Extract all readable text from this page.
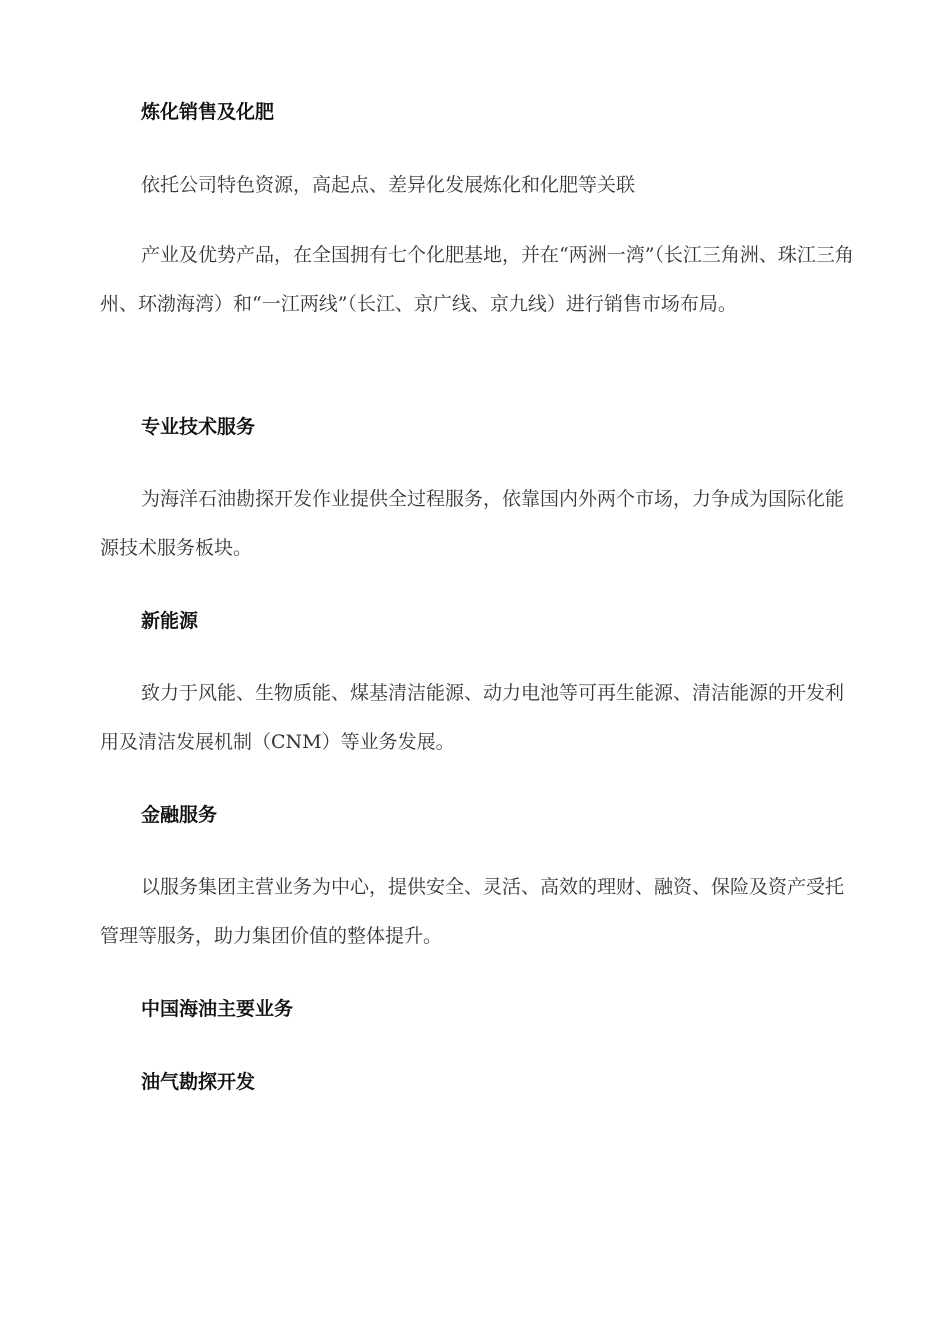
炼化销售及化肥

依托公司特色资源，高起点、差异化发展炼化和化肥等关联

产业及优势产品，在全国拥有七个化肥基地，并在“两洲一湾”（长江三角洲、珠江三角州、环渤海湾）和“一江两线”（长江、京广线、京九线）进行销售市场布局。

专业技术服务

为海洋石油勘探开发作业提供全过程服务，依靠国内外两个市场，力争成为国际化能源技术服务板块。

新能源

致力于风能、生物质能、煤基清洁能源、动力电池等可再生能源、清洁能源的开发利用及清洁发展机制（CNM）等业务发展。

金融服务

以服务集团主营业务为中心，提供安全、灵活、高效的理财、融资、保险及资产受托管理等服务，助力集团价值的整体提升。

中国海油主要业务
油气勘探开发
